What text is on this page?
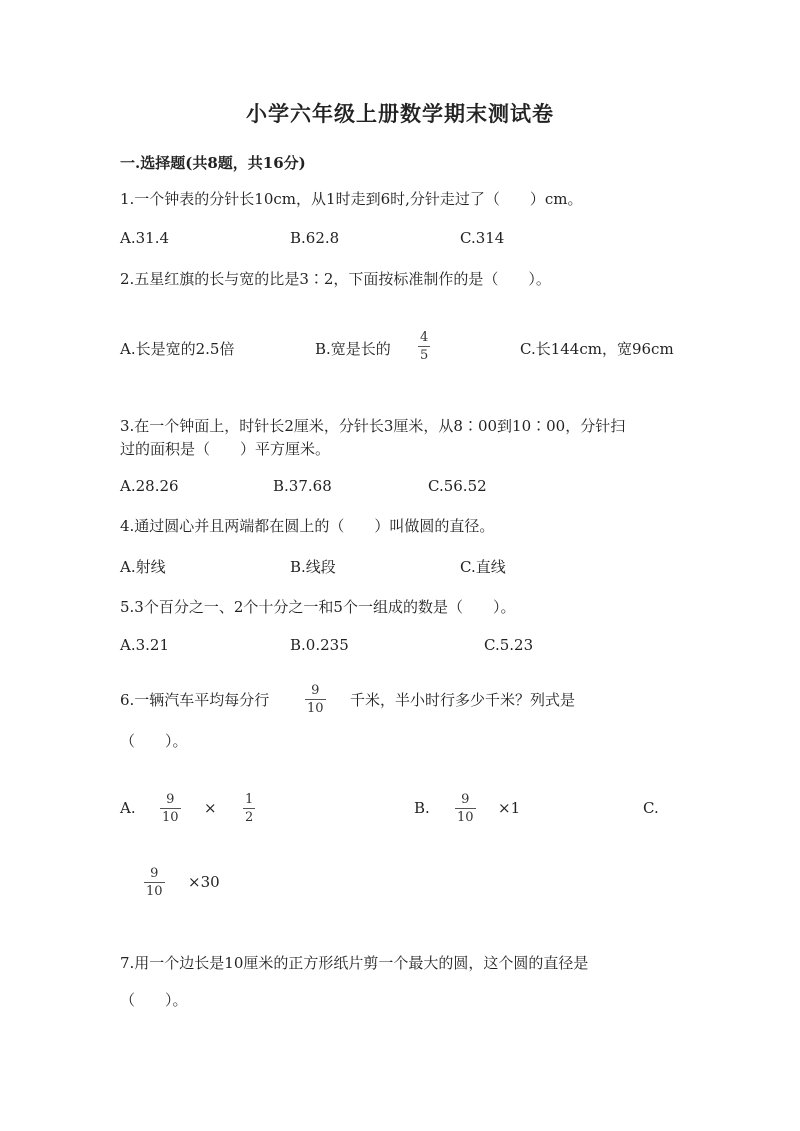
小学六年级上册数学期末测试卷
一.选择题(共8题，共16分)
1.一个钟表的分针长10cm，从1时走到6时,分针走过了（　　）cm。
A.31.4	B.62.8	C.314
2.五星红旗的长与宽的比是3∶2，下面按标准制作的是（　　）。
A.长是宽的2.5倍	B.宽是长的
4
5	C.长144cm，宽96cm
3.在一个钟面上，时针长2厘米，分针长3厘米，从8∶00到10∶00，分针扫
过的面积是（　　）平方厘米。
A.28.26	B.37.68	C.56.52
4.通过圆心并且两端都在圆上的（　　）叫做圆的直径。
A.射线	B.线段	C.直线
5.3个百分之一、2个十分之一和5个一组成的数是（　　）。
A.3.21	B.0.235	C.5.23
6.一辆汽车平均每分行
9
10 千米，半小时行多少千米？列式是
（　　）。
A. 9
10
× 1
2
B. 9
10
×1	C.
9
10
×30
7.用一个边长是10厘米的正方形纸片剪一个最大的圆，这个圆的直径是
（　　）。
